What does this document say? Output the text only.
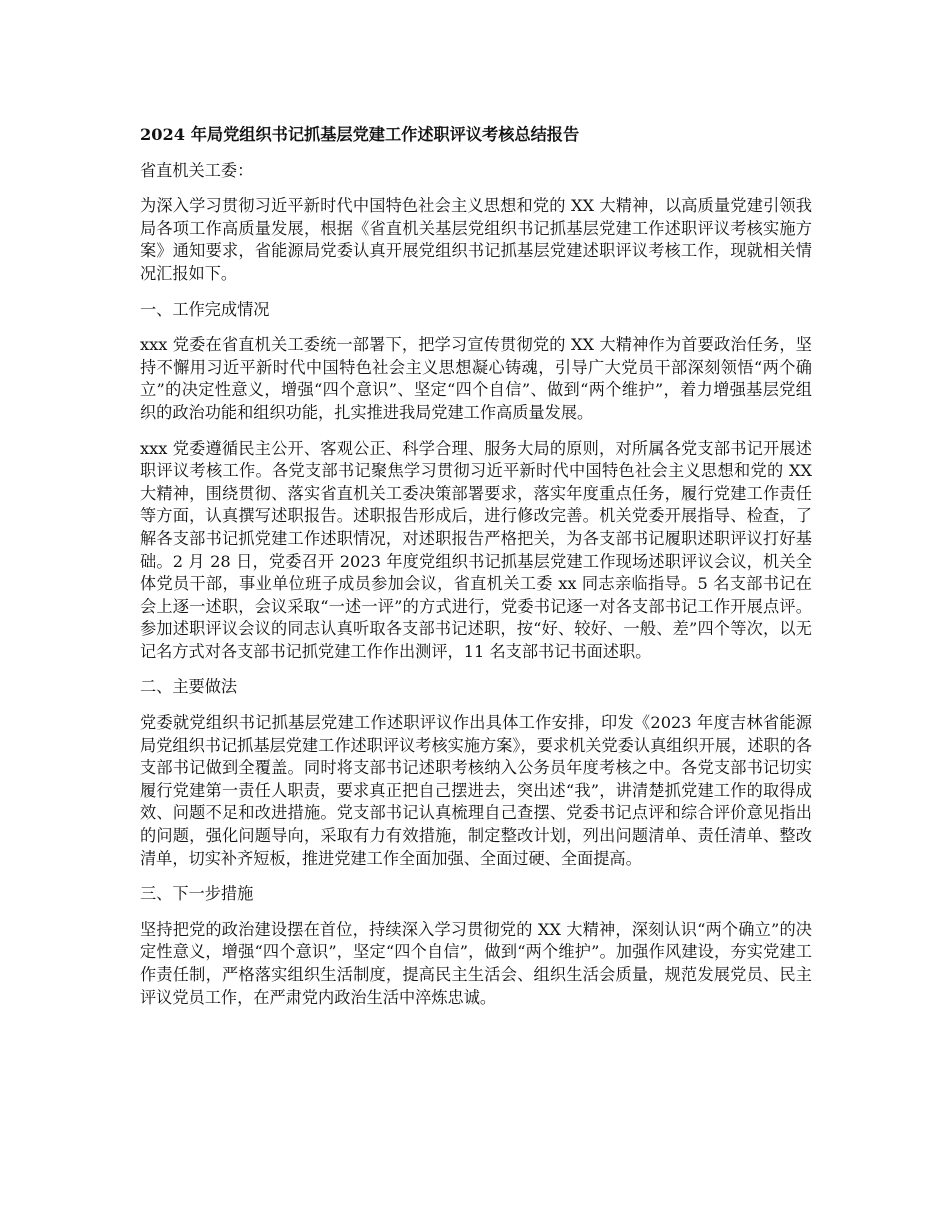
2024 年局党组织书记抓基层党建工作述职评议考核总结报告

省直机关工委：

为深入学习贯彻习近平新时代中国特色社会主义思想和党的 XX 大精神，以高质量党建引领我局各项工作高质量发展，根据《省直机关基层党组织书记抓基层党建工作述职评议考核实施方案》通知要求，省能源局党委认真开展党组织书记抓基层党建述职评议考核工作，现就相关情况汇报如下。

一、工作完成情况

xxx 党委在省直机关工委统一部署下，把学习宣传贯彻党的 XX 大精神作为首要政治任务，坚持不懈用习近平新时代中国特色社会主义思想凝心铸魂，引导广大党员干部深刻领悟“两个确立”的决定性意义，增强“四个意识”、坚定“四个自信”、做到“两个维护”，着力增强基层党组织的政治功能和组织功能，扎实推进我局党建工作高质量发展。

xxx 党委遵循民主公开、客观公正、科学合理、服务大局的原则，对所属各党支部书记开展述职评议考核工作。各党支部书记聚焦学习贯彻习近平新时代中国特色社会主义思想和党的 XX 大精神，围绕贯彻、落实省直机关工委决策部署要求，落实年度重点任务，履行党建工作责任等方面，认真撰写述职报告。述职报告形成后，进行修改完善。机关党委开展指导、检查，了解各支部书记抓党建工作述职情况，对述职报告严格把关，为各支部书记履职述职评议打好基础。2 月 28 日，党委召开 2023 年度党组织书记抓基层党建工作现场述职评议会议，机关全体党员干部，事业单位班子成员参加会议，省直机关工委 xx 同志亲临指导。5 名支部书记在会上逐一述职，会议采取“一述一评”的方式进行，党委书记逐一对各支部书记工作开展点评。参加述职评议会议的同志认真听取各支部书记述职，按“好、较好、一般、差”四个等次，以无记名方式对各支部书记抓党建工作作出测评，11 名支部书记书面述职。

二、主要做法

党委就党组织书记抓基层党建工作述职评议作出具体工作安排，印发《2023 年度吉林省能源局党组织书记抓基层党建工作述职评议考核实施方案》，要求机关党委认真组织开展，述职的各支部书记做到全覆盖。同时将支部书记述职考核纳入公务员年度考核之中。各党支部书记切实履行党建第一责任人职责，要求真正把自己摆进去，突出述“我”，讲清楚抓党建工作的取得成效、问题不足和改进措施。党支部书记认真梳理自己查摆、党委书记点评和综合评价意见指出的问题，强化问题导向，采取有力有效措施，制定整改计划，列出问题清单、责任清单、整改清单，切实补齐短板，推进党建工作全面加强、全面过硬、全面提高。

三、下一步措施

坚持把党的政治建设摆在首位，持续深入学习贯彻党的 XX 大精神，深刻认识“两个确立”的决定性意义，增强“四个意识”，坚定“四个自信”，做到“两个维护”。加强作风建设，夯实党建工作责任制，严格落实组织生活制度，提高民主生活会、组织生活会质量，规范发展党员、民主评议党员工作，在严肃党内政治生活中淬炼忠诚。
